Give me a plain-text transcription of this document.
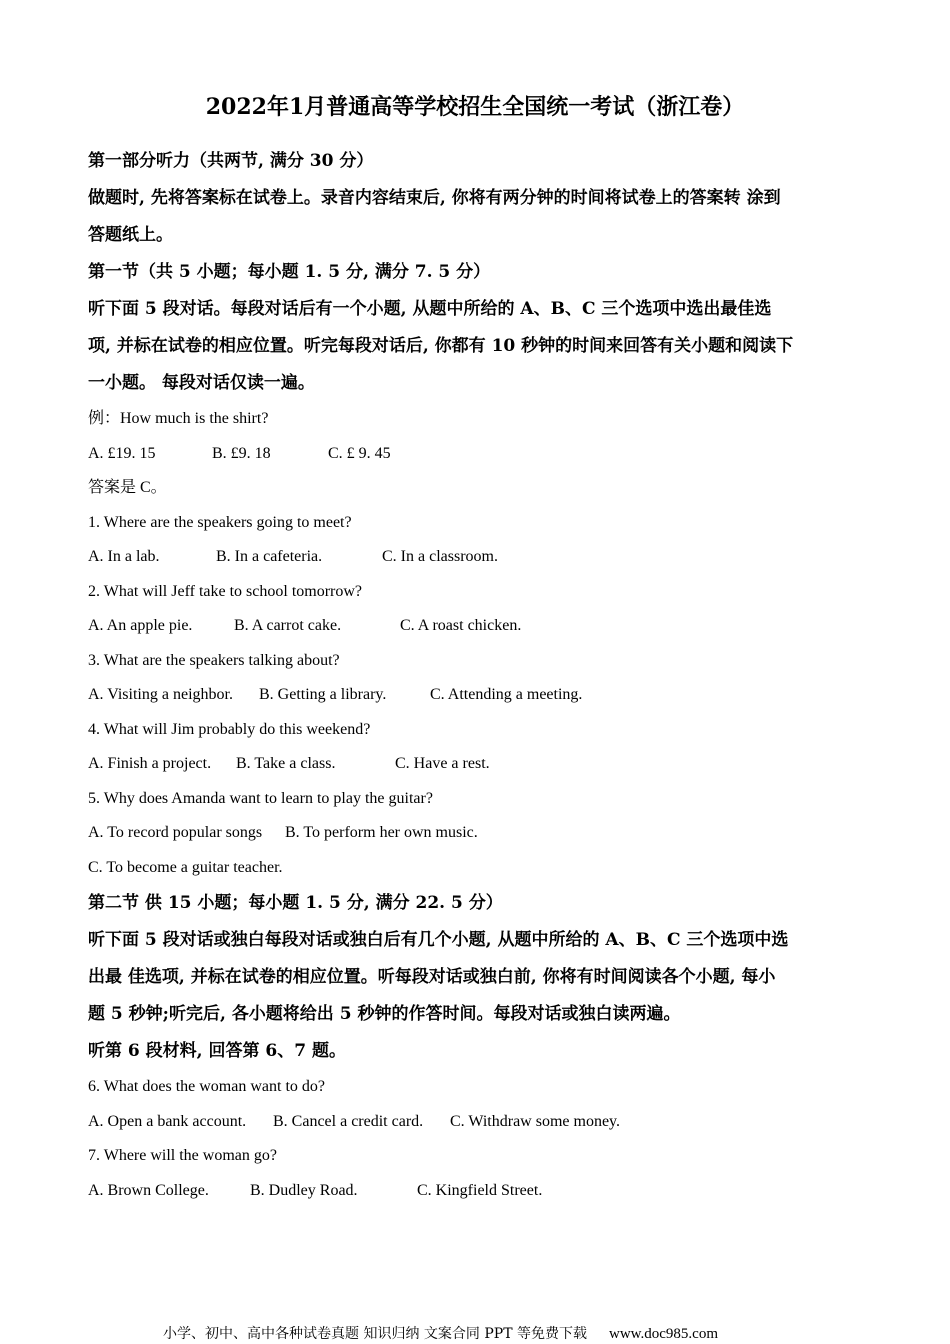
2022年1月普通高等学校招生全国统一考试（浙江卷）
第一部分听力（共两节, 满分 30 分）
做题时, 先将答案标在试卷上。录音内容结束后, 你将有两分钟的时间将试卷上的答案转 涂到
答题纸上。
第一节（共 5 小题；每小题 1. 5 分, 满分 7. 5 分）
听下面 5 段对话。每段对话后有一个小题, 从题中所给的 A、B、C 三个选项中选出最佳选
项, 并标在试卷的相应位置。听完每段对话后, 你都有 10 秒钟的时间来回答有关小题和阅读下
一小题。 每段对话仅读一遍。
例：How much is the shirt?
A. £19. 15	B. £9. 18	C. £ 9. 45
答案是 C。
1. Where are the speakers going to meet?
A. In a lab.	B. In a cafeteria.	C. In a classroom.
2. What will Jeff take to school tomorrow?
A. An apple pie.	B. A carrot cake.	C. A roast chicken.
3. What are the speakers talking about?
A. Visiting a neighbor.	B. Getting a library.	C. Attending a meeting.
4. What will Jim probably do this weekend?
A. Finish a project.	B. Take a class.	C. Have a rest.
5. Why does Amanda want to learn to play the guitar?
A. To record popular songs	B. To perform her own music.
C. To become a guitar teacher.
第二节 供 15 小题；每小题 1. 5 分, 满分 22. 5 分）
听下面 5 段对话或独白每段对话或独白后有几个小题, 从题中所给的 A、B、C 三个选项中选
出最 佳选项, 并标在试卷的相应位置。听每段对话或独白前, 你将有时间阅读各个小题, 每小
题 5 秒钟;听完后, 各小题将给出 5 秒钟的作答时间。每段对话或独白读两遍。
听第 6 段材料, 回答第 6、7 题。
6. What does the woman want to do?
A. Open a bank account.	B. Cancel a credit card.	C. Withdraw some money.
7. Where will the woman go?
A. Brown College.	B. Dudley Road.	C. Kingfield Street.
小学、初中、高中各种试卷真题 知识归纳 文案合同 PPT 等免费下载 www.doc985.com
